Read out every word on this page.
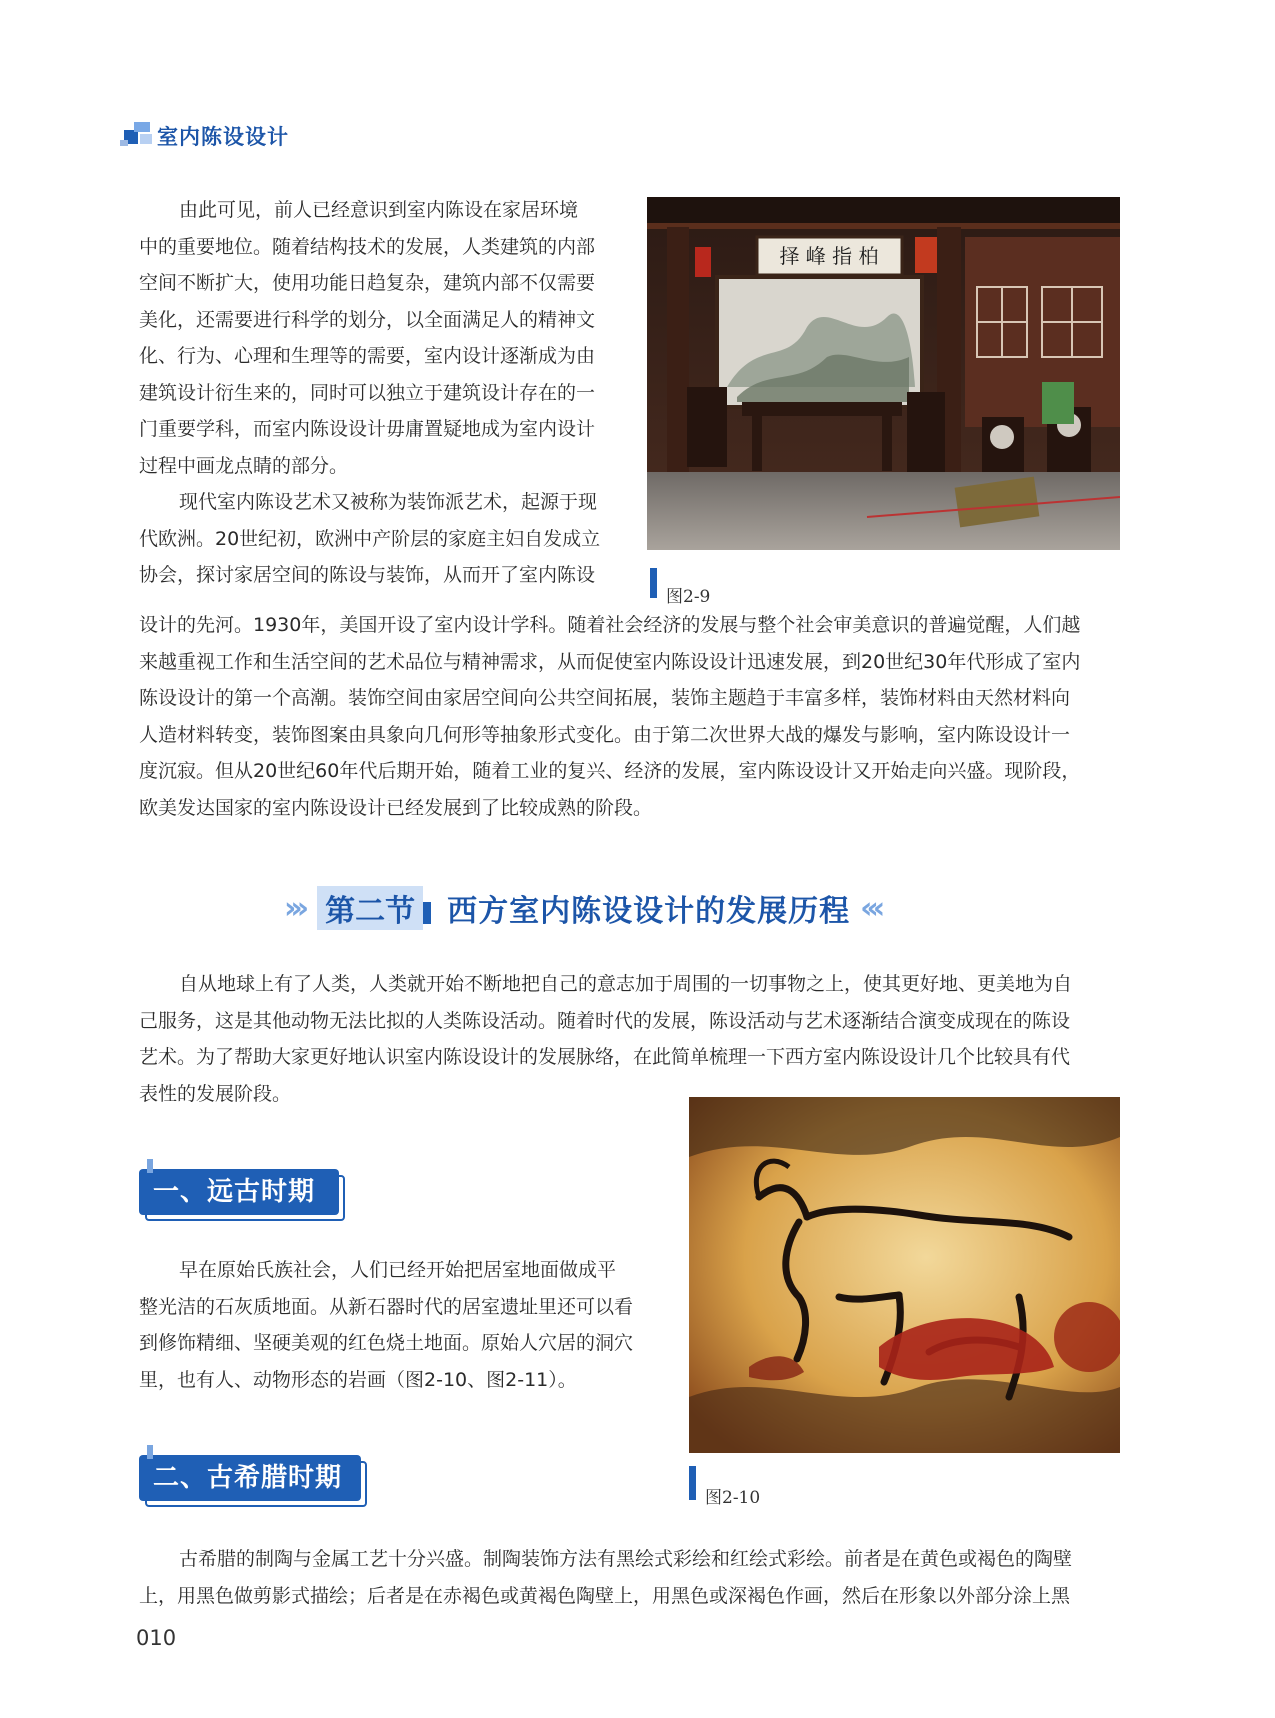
室内陈设设计
由此可见，前人已经意识到室内陈设在家居环境
中的重要地位。随着结构技术的发展，人类建筑的内部
空间不断扩大，使用功能日趋复杂，建筑内部不仅需要
美化，还需要进行科学的划分，以全面满足人的精神文
化、行为、心理和生理等的需要，室内设计逐渐成为由
建筑设计衍生来的，同时可以独立于建筑设计存在的一
门重要学科，而室内陈设设计毋庸置疑地成为室内设计
过程中画龙点睛的部分。
现代室内陈设艺术又被称为装饰派艺术，起源于现
代欧洲。20世纪初，欧洲中产阶层的家庭主妇自发成立
协会，探讨家居空间的陈设与装饰，从而开了室内陈设
择 峰 指 柏
图2-9
设计的先河。1930年，美国开设了室内设计学科。随着社会经济的发展与整个社会审美意识的普遍觉醒，人们越
来越重视工作和生活空间的艺术品位与精神需求，从而促使室内陈设设计迅速发展，到20世纪30年代形成了室内
陈设设计的第一个高潮。装饰空间由家居空间向公共空间拓展，装饰主题趋于丰富多样，装饰材料由天然材料向
人造材料转变，装饰图案由具象向几何形等抽象形式变化。由于第二次世界大战的爆发与影响，室内陈设设计一
度沉寂。但从20世纪60年代后期开始，随着工业的复兴、经济的发展，室内陈设设计又开始走向兴盛。现阶段，
欧美发达国家的室内陈设设计已经发展到了比较成熟的阶段。
››› 第二节 西方室内陈设设计的发展历程 ‹‹‹
自从地球上有了人类，人类就开始不断地把自己的意志加于周围的一切事物之上，使其更好地、更美地为自
己服务，这是其他动物无法比拟的人类陈设活动。随着时代的发展，陈设活动与艺术逐渐结合演变成现在的陈设
艺术。为了帮助大家更好地认识室内陈设设计的发展脉络，在此简单梳理一下西方室内陈设设计几个比较具有代
表性的发展阶段。
一、远古时期
早在原始氏族社会，人们已经开始把居室地面做成平
整光洁的石灰质地面。从新石器时代的居室遗址里还可以看
到修饰精细、坚硬美观的红色烧土地面。原始人穴居的洞穴
里，也有人、动物形态的岩画（图2-10、图2-11）。
图2-10
二、古希腊时期
古希腊的制陶与金属工艺十分兴盛。制陶装饰方法有黑绘式彩绘和红绘式彩绘。前者是在黄色或褐色的陶壁
上，用黑色做剪影式描绘；后者是在赤褐色或黄褐色陶壁上，用黑色或深褐色作画，然后在形象以外部分涂上黑
010
